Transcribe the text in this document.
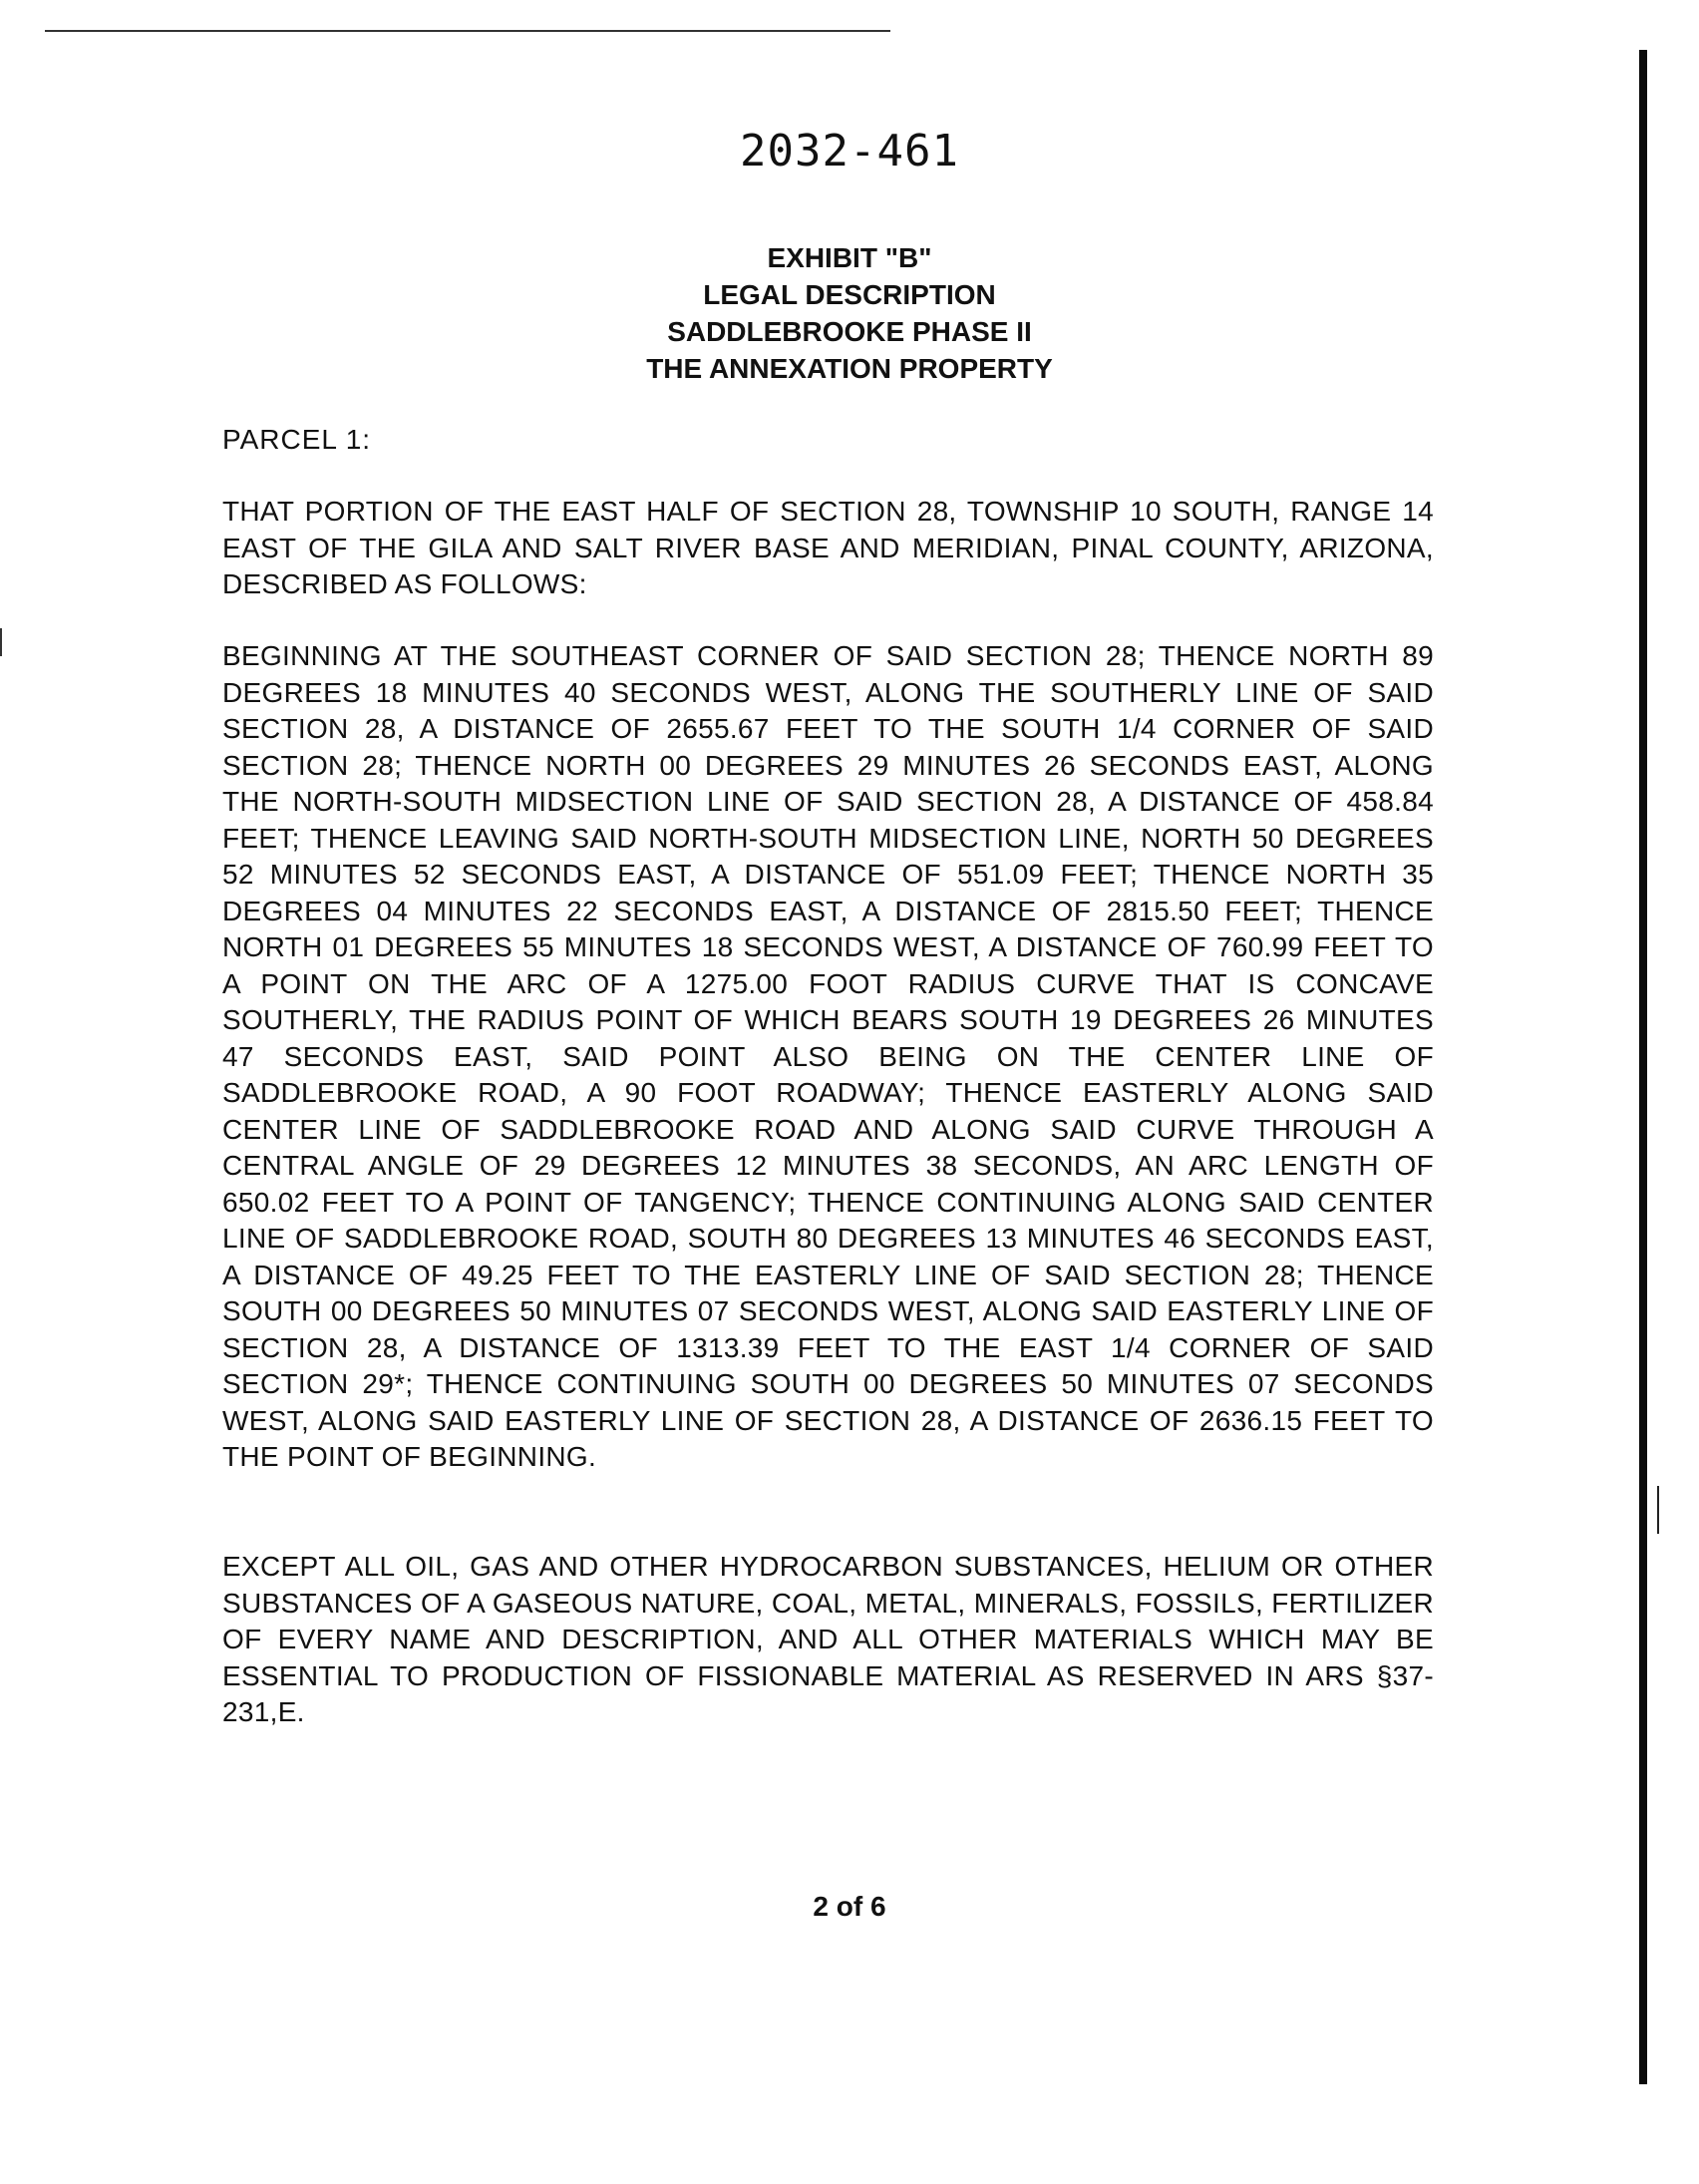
2032-461
EXHIBIT "B"
LEGAL DESCRIPTION
SADDLEBROOKE PHASE II
THE ANNEXATION PROPERTY
PARCEL 1:

THAT PORTION OF THE EAST HALF OF SECTION 28, TOWNSHIP 10 SOUTH, RANGE 14 EAST OF THE GILA AND SALT RIVER BASE AND MERIDIAN, PINAL COUNTY, ARIZONA, DESCRIBED AS FOLLOWS:

BEGINNING AT THE SOUTHEAST CORNER OF SAID SECTION 28; THENCE NORTH 89 DEGREES 18 MINUTES 40 SECONDS WEST, ALONG THE SOUTHERLY LINE OF SAID SECTION 28, A DISTANCE OF 2655.67 FEET TO THE SOUTH 1/4 CORNER OF SAID SECTION 28; THENCE NORTH 00 DEGREES 29 MINUTES 26 SECONDS EAST, ALONG THE NORTH-SOUTH MIDSECTION LINE OF SAID SECTION 28, A DISTANCE OF 458.84 FEET; THENCE LEAVING SAID NORTH-SOUTH MIDSECTION LINE, NORTH 50 DEGREES 52 MINUTES 52 SECONDS EAST, A DISTANCE OF 551.09 FEET; THENCE NORTH 35 DEGREES 04 MINUTES 22 SECONDS EAST, A DISTANCE OF 2815.50 FEET; THENCE NORTH 01 DEGREES 55 MINUTES 18 SECONDS WEST, A DISTANCE OF 760.99 FEET TO A POINT ON THE ARC OF A 1275.00 FOOT RADIUS CURVE THAT IS CONCAVE SOUTHERLY, THE RADIUS POINT OF WHICH BEARS SOUTH 19 DEGREES 26 MINUTES 47 SECONDS EAST, SAID POINT ALSO BEING ON THE CENTER LINE OF SADDLEBROOKE ROAD, A 90 FOOT ROADWAY; THENCE EASTERLY ALONG SAID CENTER LINE OF SADDLEBROOKE ROAD AND ALONG SAID CURVE THROUGH A CENTRAL ANGLE OF 29 DEGREES 12 MINUTES 38 SECONDS, AN ARC LENGTH OF 650.02 FEET TO A POINT OF TANGENCY; THENCE CONTINUING ALONG SAID CENTER LINE OF SADDLEBROOKE ROAD, SOUTH 80 DEGREES 13 MINUTES 46 SECONDS EAST, A DISTANCE OF 49.25 FEET TO THE EASTERLY LINE OF SAID SECTION 28; THENCE SOUTH 00 DEGREES 50 MINUTES 07 SECONDS WEST, ALONG SAID EASTERLY LINE OF SECTION 28, A DISTANCE OF 1313.39 FEET TO THE EAST 1/4 CORNER OF SAID SECTION 29*; THENCE CONTINUING SOUTH 00 DEGREES 50 MINUTES 07 SECONDS WEST, ALONG SAID EASTERLY LINE OF SECTION 28, A DISTANCE OF 2636.15 FEET TO THE POINT OF BEGINNING.

EXCEPT ALL OIL, GAS AND OTHER HYDROCARBON SUBSTANCES, HELIUM OR OTHER SUBSTANCES OF A GASEOUS NATURE, COAL, METAL, MINERALS, FOSSILS, FERTILIZER OF EVERY NAME AND DESCRIPTION, AND ALL OTHER MATERIALS WHICH MAY BE ESSENTIAL TO PRODUCTION OF FISSIONABLE MATERIAL AS RESERVED IN ARS §37-231,E.

2 of 6
